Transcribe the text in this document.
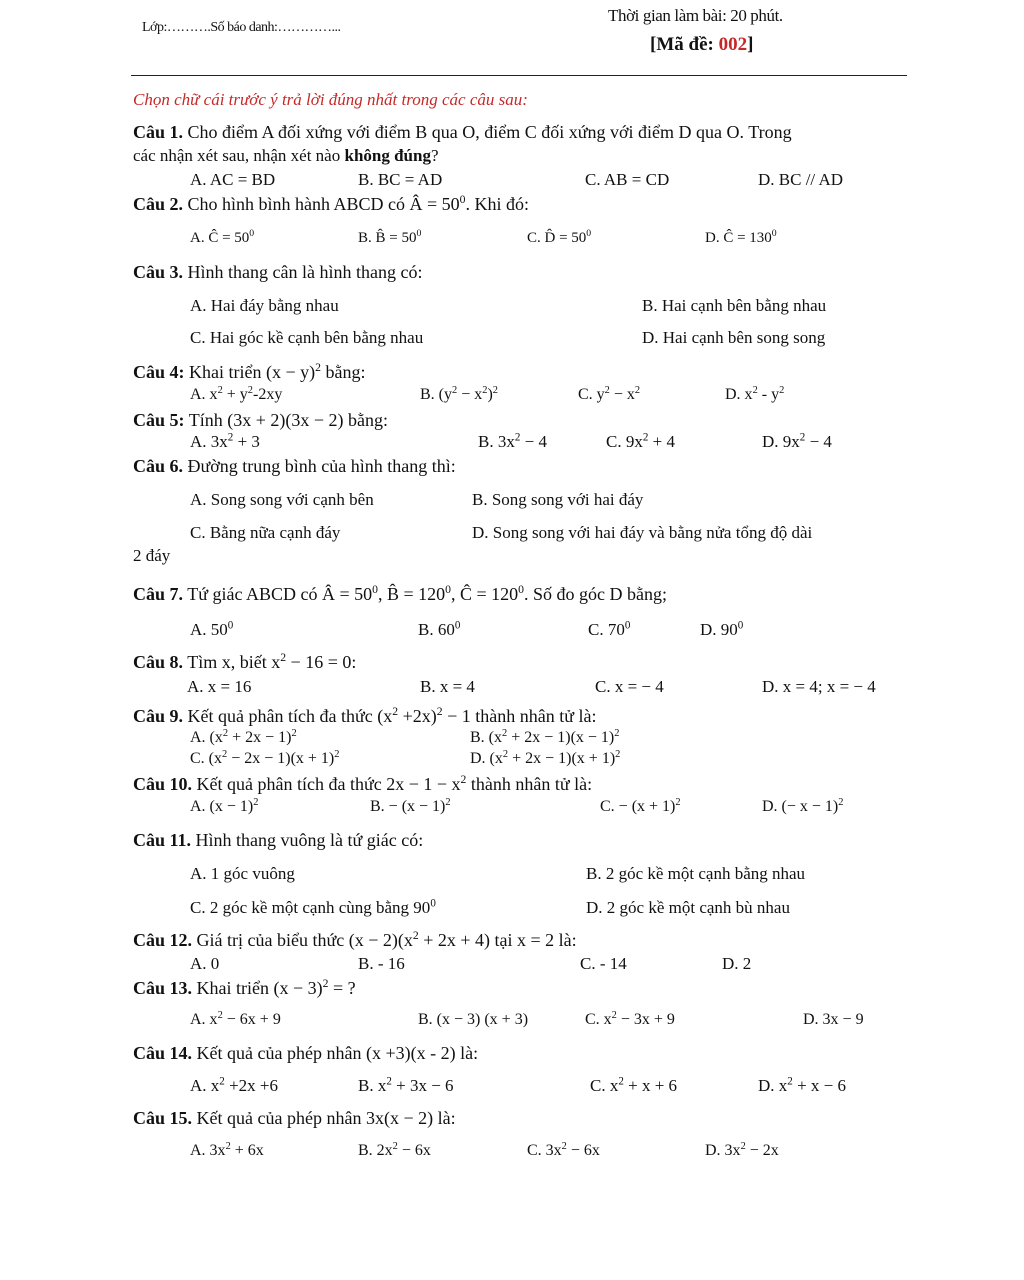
Lớp:……….Số báo danh:…………...
Thời gian làm bài: 20 phút.
[Mã đề: 002]
Chọn chữ cái trước ý trả lời đúng nhất trong các câu sau:
Câu 1. Cho điểm A đối xứng với điểm B qua O, điểm C đối xứng với điểm D qua O. Trong
các nhận xét sau, nhận xét nào không đúng?
A. AC = BD	B. BC = AD	C. AB = CD	D. BC // AD
Câu 2. Cho hình bình hành ABCD có Â = $50^0$. Khi đó:
A. Ĉ = $50^0$	B. B̂ = $50^0$	C. D̂ = $50^0$	D. Ĉ = $130^0$
Câu 3. Hình thang cân là hình thang có:
A. Hai đáy bằng nhau	B. Hai cạnh bên bằng nhau
C. Hai góc kề cạnh bên bằng nhau	D. Hai cạnh bên song song
Câu 4: Khai triển $(x - y)^2$ bằng:
A. $x^2 + y^2-2xy$	B. $(y^2 - x^2)^2$	C. $y^2 - x^2$	D. $x^2 - y^2$
Câu 5: Tính (3x + 2)(3x − 2) bằng:
A. $3x^2 + 3$	B. $3x^2 - 4$	C. $9x^2 + 4$	D. $9x^2 - 4$
Câu 6. Đường trung bình của hình thang thì:
A. Song song với cạnh bên	B. Song song với hai đáy
C. Bằng nữa cạnh đáy	D. Song song với hai đáy và bằng nửa tổng độ dài
2 đáy
Câu 7. Tứ giác ABCD có Â = $50^0$, B̂ = $120^0$, Ĉ = $120^0$. Số đo góc D bằng;
A. $50^0$	B. $60^0$	C. $70^0$	D. $90^0$
Câu 8. Tìm x, biết $x^2 - 16 = 0$:
A. x = 16	B. x = 4	C. x = − 4	D. x = 4; x = − 4
Câu 9. Kết quả phân tích đa thức $(x^2 +2x)^2 - 1$ thành nhân tử là:
A. $(x^2 + 2x - 1)^2$	B. $(x^2 + 2x - 1)(x - 1)^2$
C. $(x^2 - 2x - 1)(x + 1)^2$	D. $(x^2 + 2x - 1)(x + 1)^2$
Câu 10. Kết quả phân tích đa thức $2x - 1 - x^2$ thành nhân tử là:
A. $(x - 1)^2$	B. − $(x - 1)^2$	C. − $(x + 1)^2$	D. (− x − 1)$^2$
Câu 11. Hình thang vuông là tứ giác có:
A. 1 góc vuông	B. 2 góc kề một cạnh bằng nhau
C. 2 góc kề một cạnh cùng bằng $90^0$	D. 2 góc kề một cạnh bù nhau
Câu 12. Giá trị của biểu thức $(x - 2)(x^2 + 2x + 4)$ tại x = 2 là:
A. 0	B. - 16	C. - 14	D. 2
Câu 13. Khai triển $(x - 3)^2$ = ?
A. $x^2 - 6x + 9$	B. (x − 3) (x + 3)	C. $x^2 - 3x + 9$	D. 3x − 9
Câu 14. Kết quả của phép nhân (x +3)(x - 2) là:
A. $x^2 +2x +6$	B. $x^2 + 3x - 6$	C. $x^2 + x + 6$	D. $x^2 + x - 6$
Câu 15. Kết quả của phép nhân 3x(x − 2) là:
A. $3x^2 + 6x$	B. $2x^2 - 6x$	C. $3x^2 - 6x$	D. $3x^2 - 2x$
